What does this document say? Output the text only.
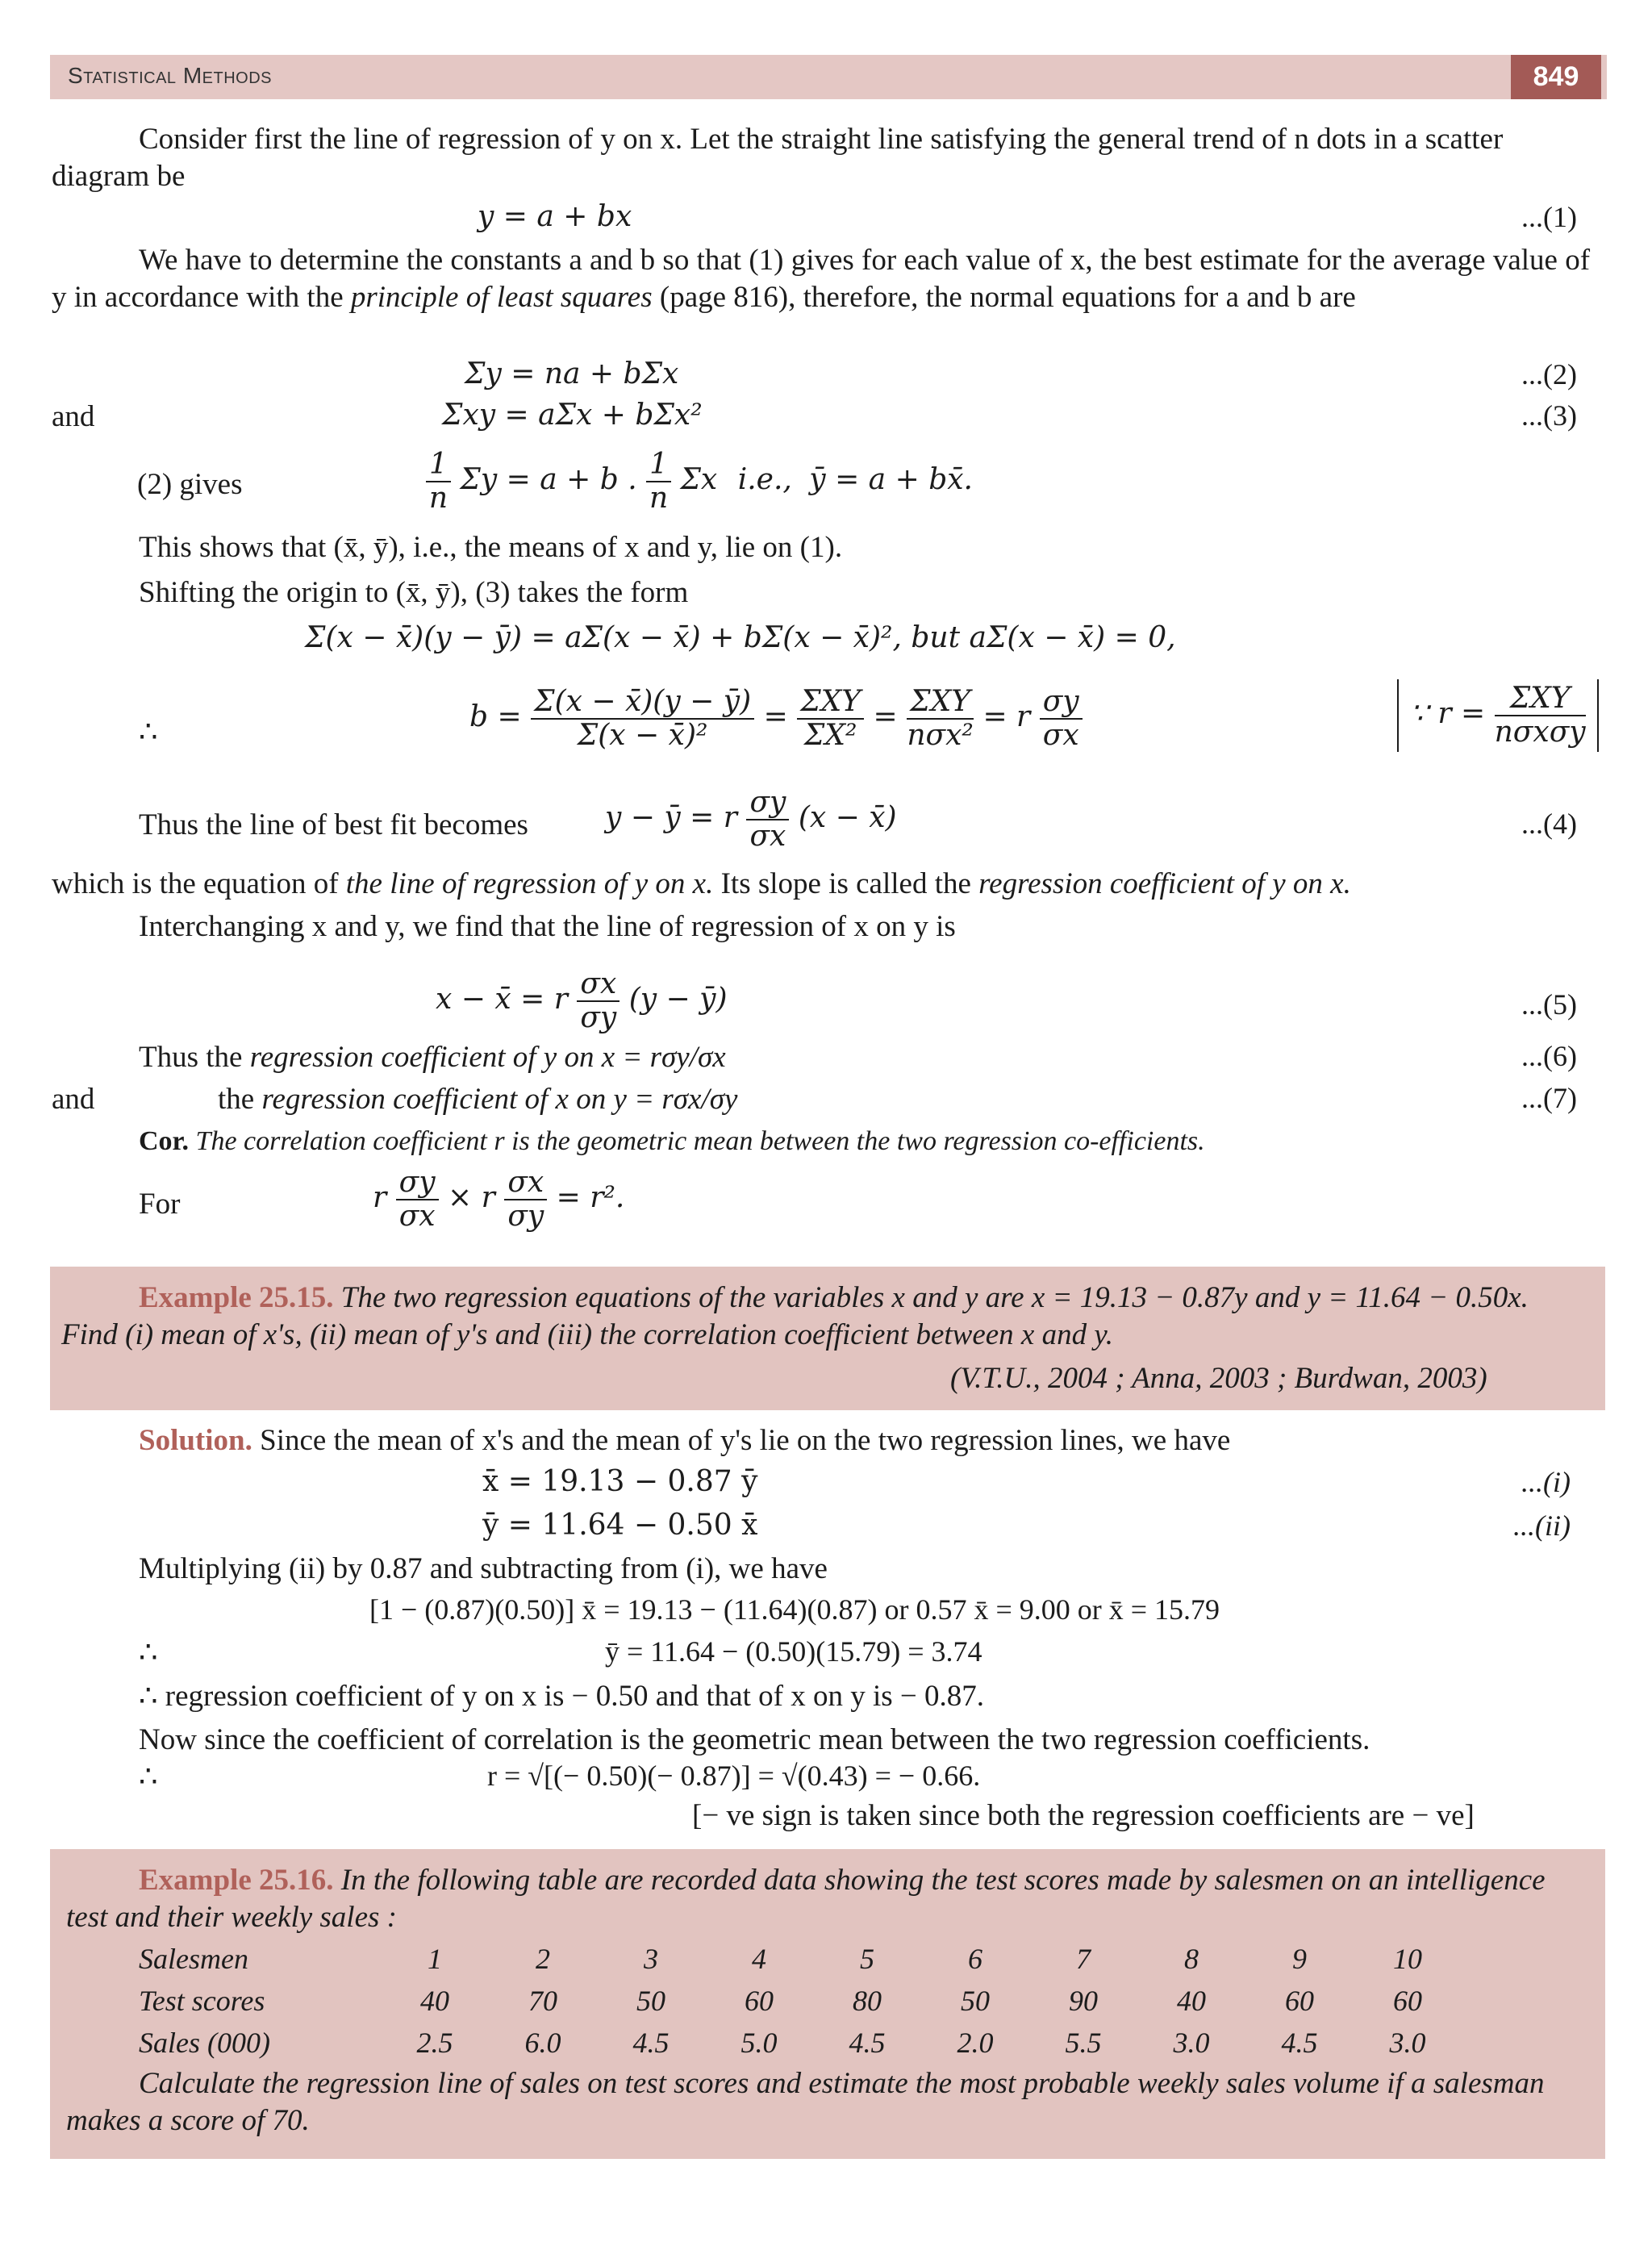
Statistical Methods	849
Consider first the line of regression of y on x. Let the straight line satisfying the general trend of n dots in a scatter diagram be
y = a + bx	...(1)
We have to determine the constants a and b so that (1) gives for each value of x, the best estimate for the average value of y in accordance with the principle of least squares (page 816), therefore, the normal equations for a and b are
Σy = na + bΣx	...(2)
and	Σxy = aΣx + bΣx²	...(3)
(2) gives	$\frac{1}{n}$ Σy = a + b . $\frac{1}{n}$ Σx i.e., ȳ = a + bx̄.
This shows that (x̄, ȳ), i.e., the means of x and y, lie on (1).
Shifting the origin to (x̄, ȳ), (3) takes the form
Σ(x − x̄)(y − ȳ) = aΣ(x − x̄) + bΣ(x − x̄)², but aΣ(x − x̄) = 0,
∴	$b = \frac{\Sigma(x - x̄)(y - ȳ)}{\text{Σ(x − x̄)²}} = \frac{\text{ΣXY}}{\text{ΣX²}} = \frac{\text{ΣXY}}{\text{nσx²}} = r \frac{\sigma y}{\sigma x}$	∵ $r = \frac{\text{ΣXY}}{\text{nσxσy}}$
Thus the line of best fit becomes	y − ȳ = r $\frac{\sigma y}{\sigma x} (x$ − x̄)	...(4)
which is the equation of the line of regression of y on x. Its slope is called the regression coefficient of y on x.
Interchanging x and y, we find that the line of regression of x on y is
x − x̄ = r $\frac{\sigma x}{\sigma y} (y$ − ȳ)	...(5)
Thus the regression coefficient of y on x = rσy/σx	...(6)
and	the regression coefficient of x on y = rσx/σy	...(7)
Cor. The correlation coefficient r is the geometric mean between the two regression co-efficients.
For	r $\frac{\sigma y}{\sigma x} \times r \frac{\sigma x}{\sigma y} = r^2$.
Example 25.15. The two regression equations of the variables x and y are x = 19.13 − 0.87y and y = 11.64 − 0.50x. Find (i) mean of x's, (ii) mean of y's and (iii) the correlation coefficient between x and y.
(V.T.U., 2004 ; Anna, 2003 ; Burdwan, 2003)
Solution. Since the mean of x's and the mean of y's lie on the two regression lines, we have
x̄ = 19.13 − 0.87 ȳ	...(i)
ȳ = 11.64 − 0.50 x̄	...(ii)
Multiplying (ii) by 0.87 and subtracting from (i), we have
[1 − (0.87)(0.50)] x̄ = 19.13 − (11.64)(0.87) or 0.57 x̄ = 9.00 or x̄ = 15.79
∴	ȳ = 11.64 − (0.50)(15.79) = 3.74
∴ regression coefficient of y on x is − 0.50 and that of x on y is − 0.87.
Now since the coefficient of correlation is the geometric mean between the two regression coefficients.
∴	r = √[(− 0.50)(− 0.87)] = √(0.43) = − 0.66.
[− ve sign is taken since both the regression coefficients are − ve]
Example 25.16. In the following table are recorded data showing the test scores made by salesmen on an intelligence test and their weekly sales :
Salesmen	1	2	3	4	5	6	7	8	9	10
Test scores	40	70	50	60	80	50	90	40	60	60
Sales (000)	2.5	6.0	4.5	5.0	4.5	2.0	5.5	3.0	4.5	3.0
Calculate the regression line of sales on test scores and estimate the most probable weekly sales volume if a salesman makes a score of 70.
